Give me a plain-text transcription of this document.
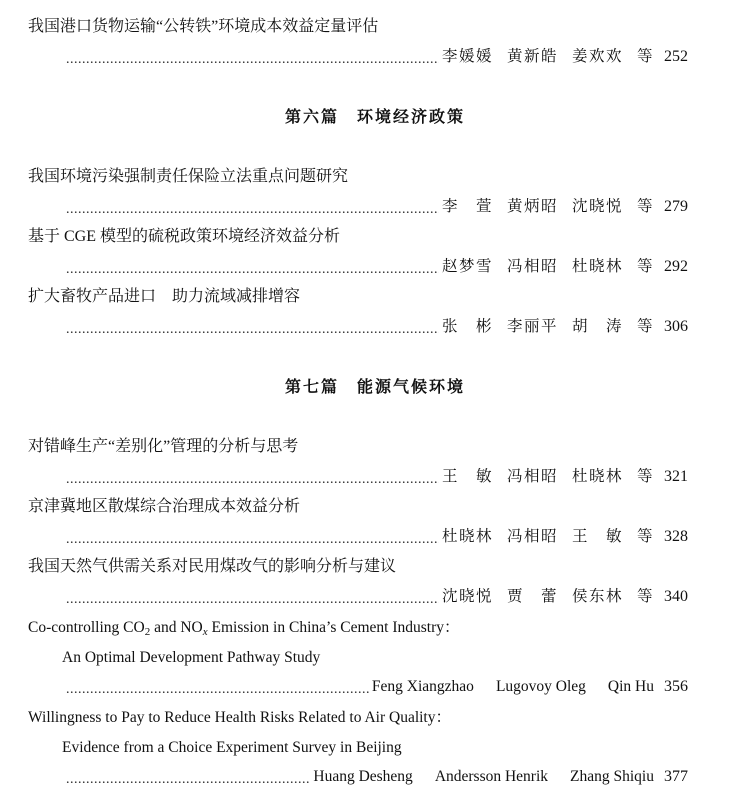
我国港口货物运输“公转铁”环境成本效益定量评估
.....
李媛媛 黄新皓 姜欢欢 等 252
第六篇 环境经济政策
我国环境污染强制责任保险立法重点问题研究
.....
李　萱 黄炳昭 沈晓悦 等 279
基于 CGE 模型的硫税政策环境经济效益分析
.....
赵梦雪 冯相昭 杜晓林 等 292
扩大畜牧产品进口　助力流域减排增容
.....
张　彬 李丽平 胡　涛 等 306
第七篇 能源气候环境
对错峰生产“差别化”管理的分析与思考
.....
王　敏 冯相昭 杜晓林 等 321
京津冀地区散煤综合治理成本效益分析
.....
杜晓林 冯相昭 王　敏 等 328
我国天然气供需关系对民用煤改气的影响分析与建议
.....
沈晓悦 贾　蕾 侯东林 等 340
Co-controlling $CO_2$ and $NO_x$ Emission in China’s Cement Industry：
An Optimal Development Pathway Study
.....
Feng Xiangzhao Lugovoy Oleg Qin Hu 356
Willingness to Pay to Reduce Health Risks Related to Air Quality：
Evidence from a Choice Experiment Survey in Beijing
.....
Huang Desheng Andersson Henrik Zhang Shiqiu 377
